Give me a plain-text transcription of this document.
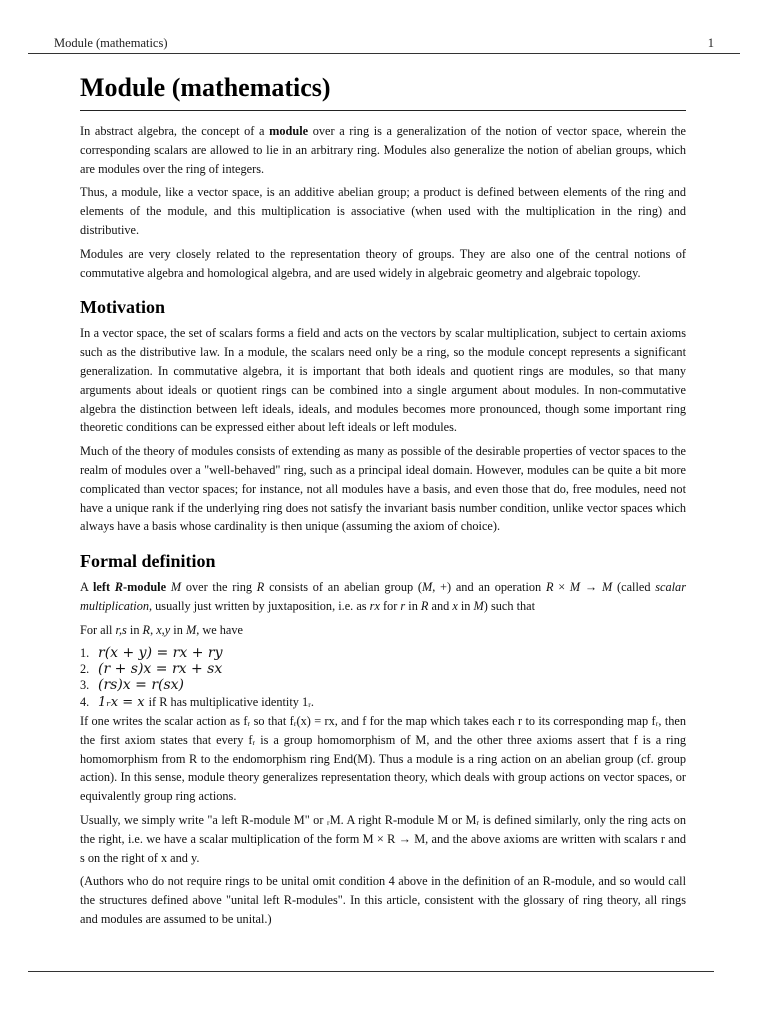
Module (mathematics)	1
Module (mathematics)

In abstract algebra, the concept of a module over a ring is a generalization of the notion of vector space, wherein the corresponding scalars are allowed to lie in an arbitrary ring. Modules also generalize the notion of abelian groups, which are modules over the ring of integers.

Thus, a module, like a vector space, is an additive abelian group; a product is defined between elements of the ring and elements of the module, and this multiplication is associative (when used with the multiplication in the ring) and distributive.

Modules are very closely related to the representation theory of groups. They are also one of the central notions of commutative algebra and homological algebra, and are used widely in algebraic geometry and algebraic topology.

Motivation

In a vector space, the set of scalars forms a field and acts on the vectors by scalar multiplication, subject to certain axioms such as the distributive law. In a module, the scalars need only be a ring, so the module concept represents a significant generalization. In commutative algebra, it is important that both ideals and quotient rings are modules, so that many arguments about ideals or quotient rings can be combined into a single argument about modules. In non-commutative algebra the distinction between left ideals, ideals, and modules becomes more pronounced, though some important ring theoretic conditions can be expressed either about left ideals or left modules.

Much of the theory of modules consists of extending as many as possible of the desirable properties of vector spaces to the realm of modules over a "well-behaved" ring, such as a principal ideal domain. However, modules can be quite a bit more complicated than vector spaces; for instance, not all modules have a basis, and even those that do, free modules, need not have a unique rank if the underlying ring does not satisfy the invariant basis number condition, unlike vector spaces which always have a basis whose cardinality is then unique (assuming the axiom of choice).

Formal definition

A left R-module M over the ring R consists of an abelian group (M, +) and an operation R × M → M (called scalar multiplication, usually just written by juxtaposition, i.e. as rx for r in R and x in M) such that

For all r,s in R, x,y in M, we have

1. r(x + y) = rx + ry
2. (r + s)x = rx + sx
3. (rs)x = r(sx)
4. 1ᵣx = x if R has multiplicative identity 1ᵣ.

If one writes the scalar action as fᵣ so that fᵣ(x) = rx, and f for the map which takes each r to its corresponding map fᵣ, then the first axiom states that every fᵣ is a group homomorphism of M, and the other three axioms assert that f is a ring homomorphism from R to the endomorphism ring End(M). Thus a module is a ring action on an abelian group (cf. group action). In this sense, module theory generalizes representation theory, which deals with group actions on vector spaces, or equivalently group ring actions.

Usually, we simply write "a left R-module M" or ᵣM. A right R-module M or Mᵣ is defined similarly, only the ring acts on the right, i.e. we have a scalar multiplication of the form M × R → M, and the above axioms are written with scalars r and s on the right of x and y.

(Authors who do not require rings to be unital omit condition 4 above in the definition of an R-module, and so would call the structures defined above "unital left R-modules". In this article, consistent with the glossary of ring theory, all rings and modules are assumed to be unital.)
